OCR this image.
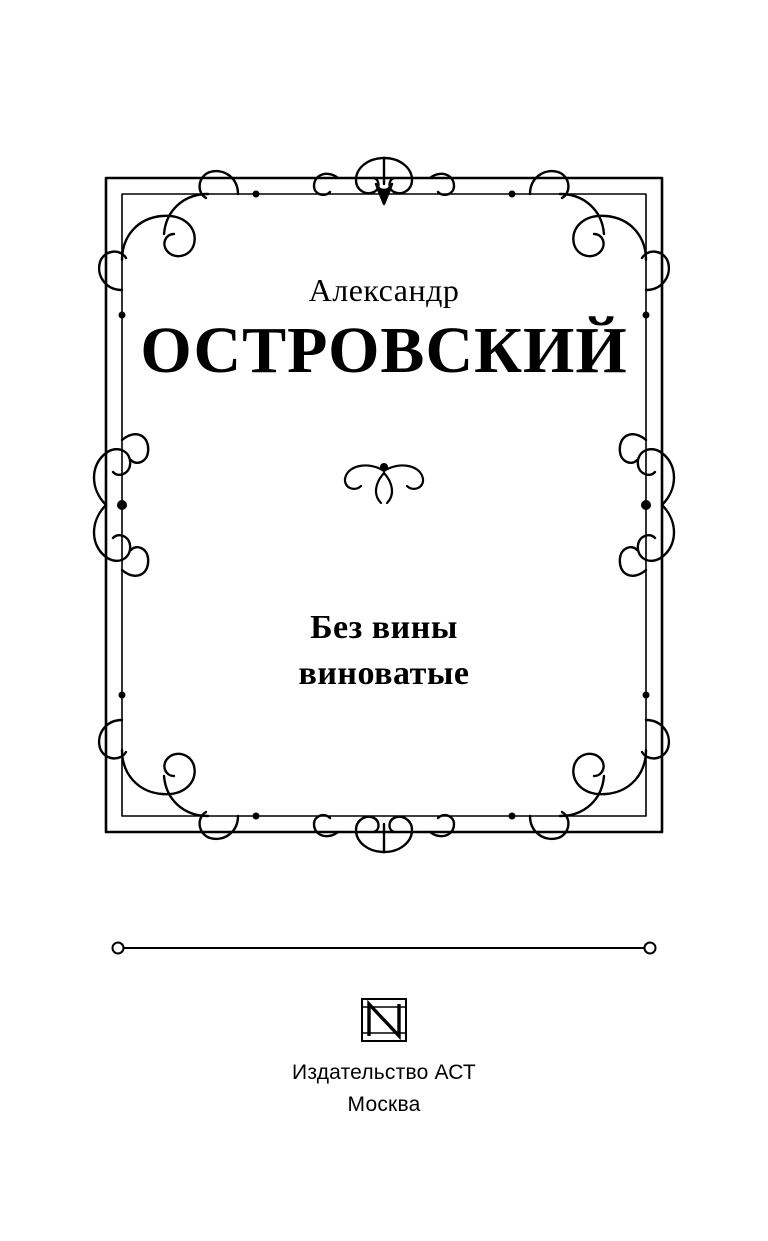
Александр
ОСТРОВСКИЙ
Без вины
виноватые
Издательство АСТ
Москва
